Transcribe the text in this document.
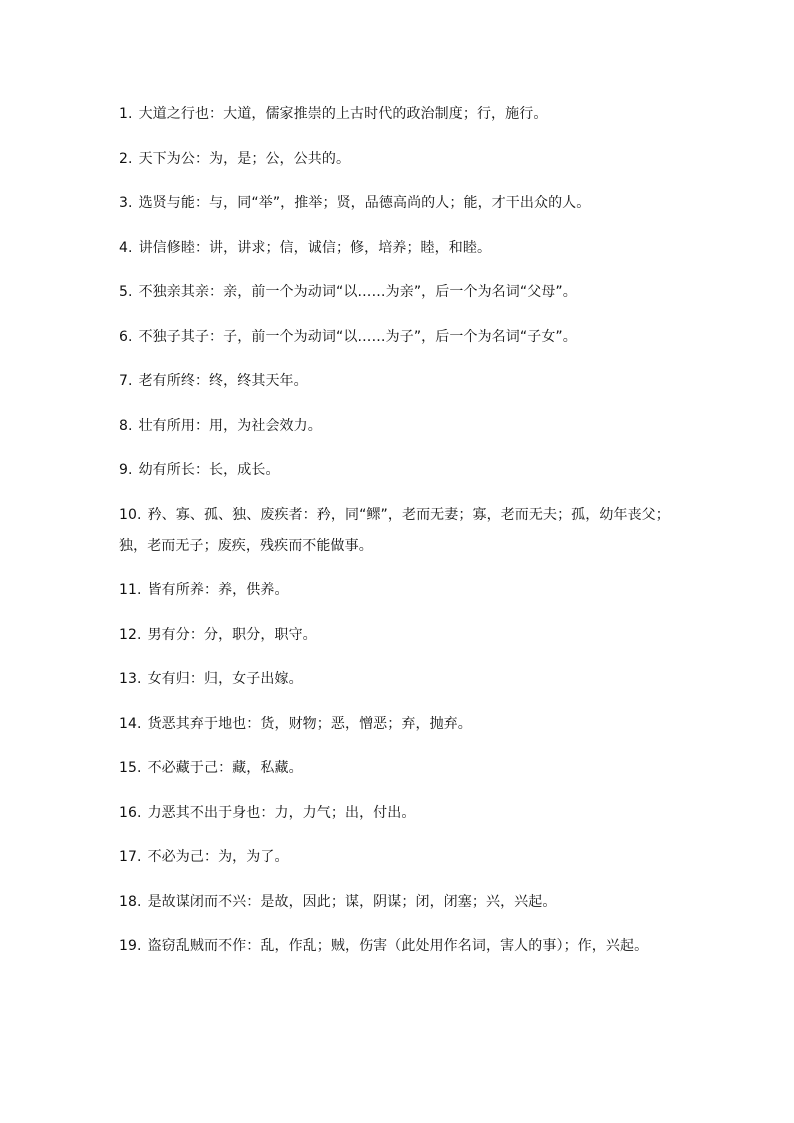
1. 大道之行也：大道，儒家推崇的上古时代的政治制度；行，施行。

2. 天下为公：为，是；公，公共的。

3. 选贤与能：与，同“举”，推举；贤，品德高尚的人；能，才干出众的人。

4. 讲信修睦：讲，讲求；信，诚信；修，培养；睦，和睦。

5. 不独亲其亲：亲，前一个为动词“以……为亲”，后一个为名词“父母”。

6. 不独子其子：子，前一个为动词“以……为子”，后一个为名词“子女”。

7. 老有所终：终，终其天年。

8. 壮有所用：用，为社会效力。

9. 幼有所长：长，成长。

10. 矜、寡、孤、独、废疾者：矜，同“鳏”，老而无妻；寡，老而无夫；孤，幼年丧父；独，老而无子；废疾，残疾而不能做事。

11. 皆有所养：养，供养。

12. 男有分：分，职分，职守。

13. 女有归：归，女子出嫁。

14. 货恶其弃于地也：货，财物；恶，憎恶；弃，抛弃。

15. 不必藏于己：藏，私藏。

16. 力恶其不出于身也：力，力气；出，付出。

17. 不必为己：为，为了。

18. 是故谋闭而不兴：是故，因此；谋，阴谋；闭，闭塞；兴，兴起。

19. 盗窃乱贼而不作：乱，作乱；贼，伤害（此处用作名词，害人的事）；作，兴起。
